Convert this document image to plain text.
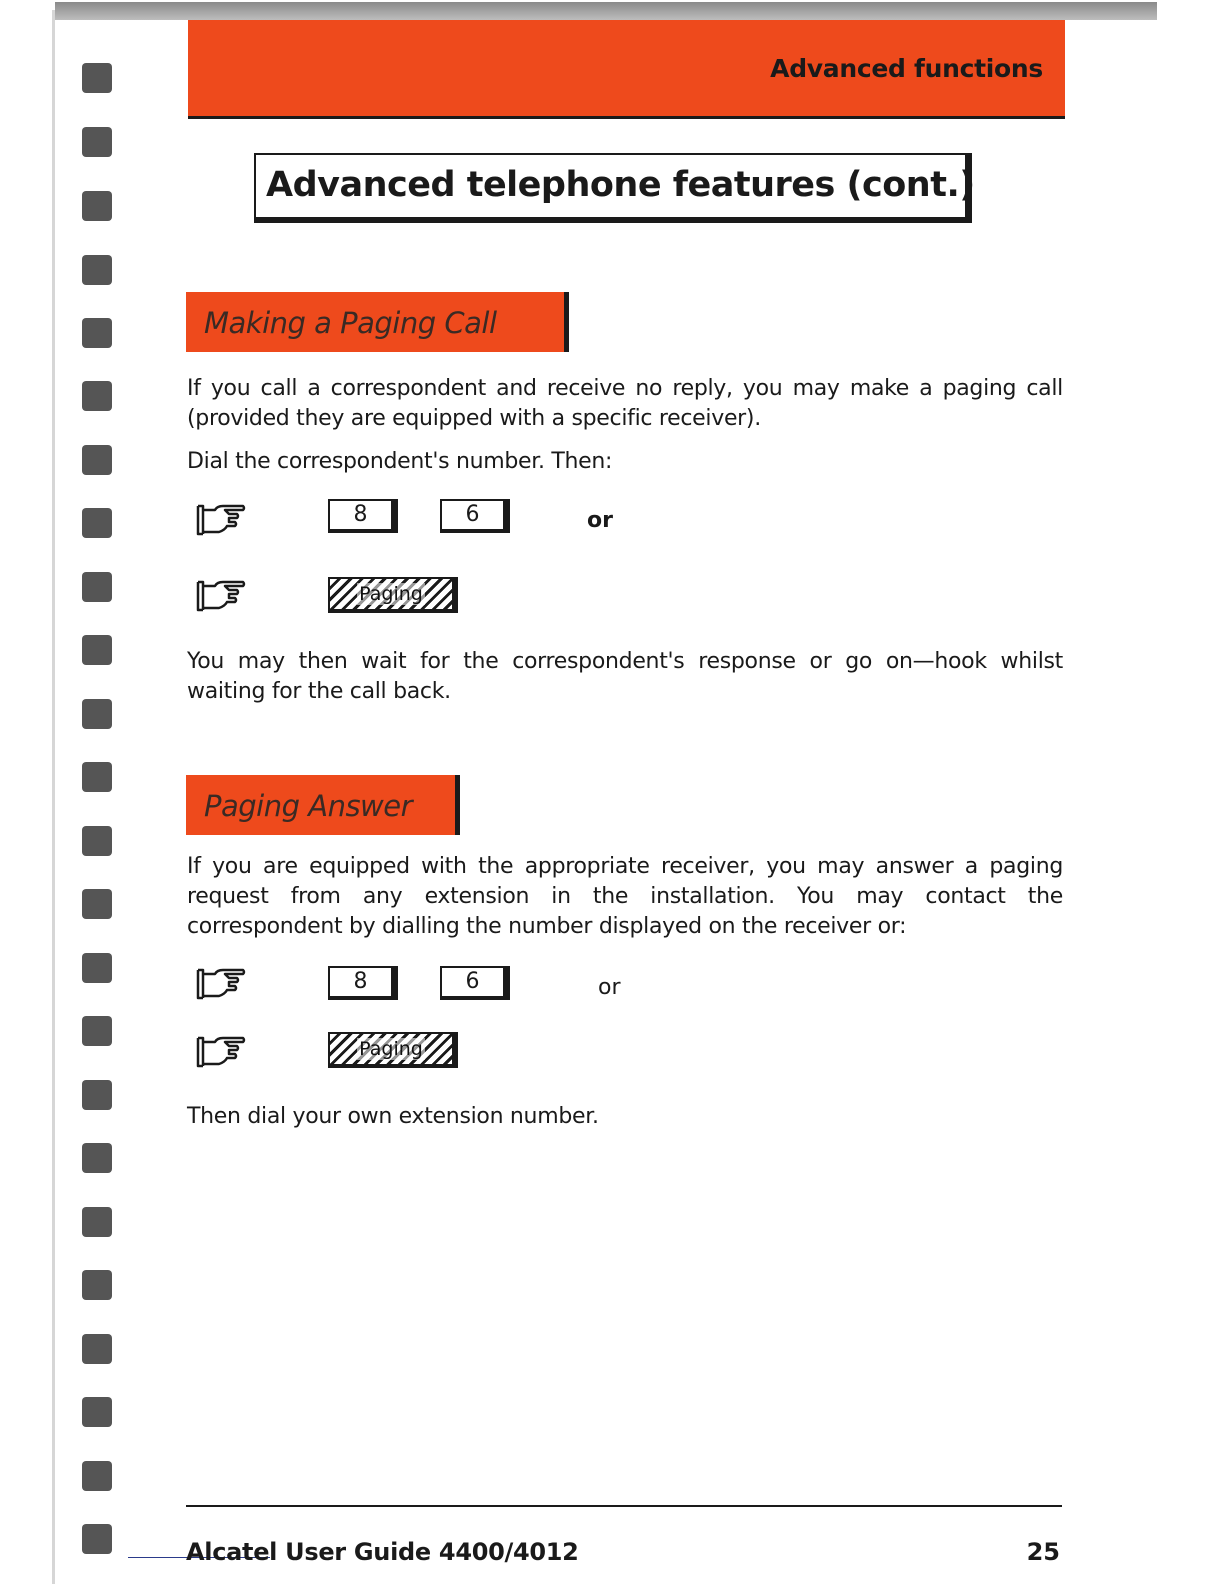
Advanced functions
Advanced telephone features (cont.)
Making a Paging Call
If you call a correspondent and receive no reply, you may make a paging call (provided they are equipped with a specific receiver).
Dial the correspondent's number. Then:
8	6	or
Paging
You may then wait for the correspondent's response or go on—hook whilst waiting for the call back.
Paging Answer
If you are equipped with the appropriate receiver, you may answer a paging request from any extension in the installation. You may contact the correspondent by dialling the number displayed on the receiver or:
8	6	or
Paging
Then dial your own extension number.
Alcatel User Guide 4400/4012	25
